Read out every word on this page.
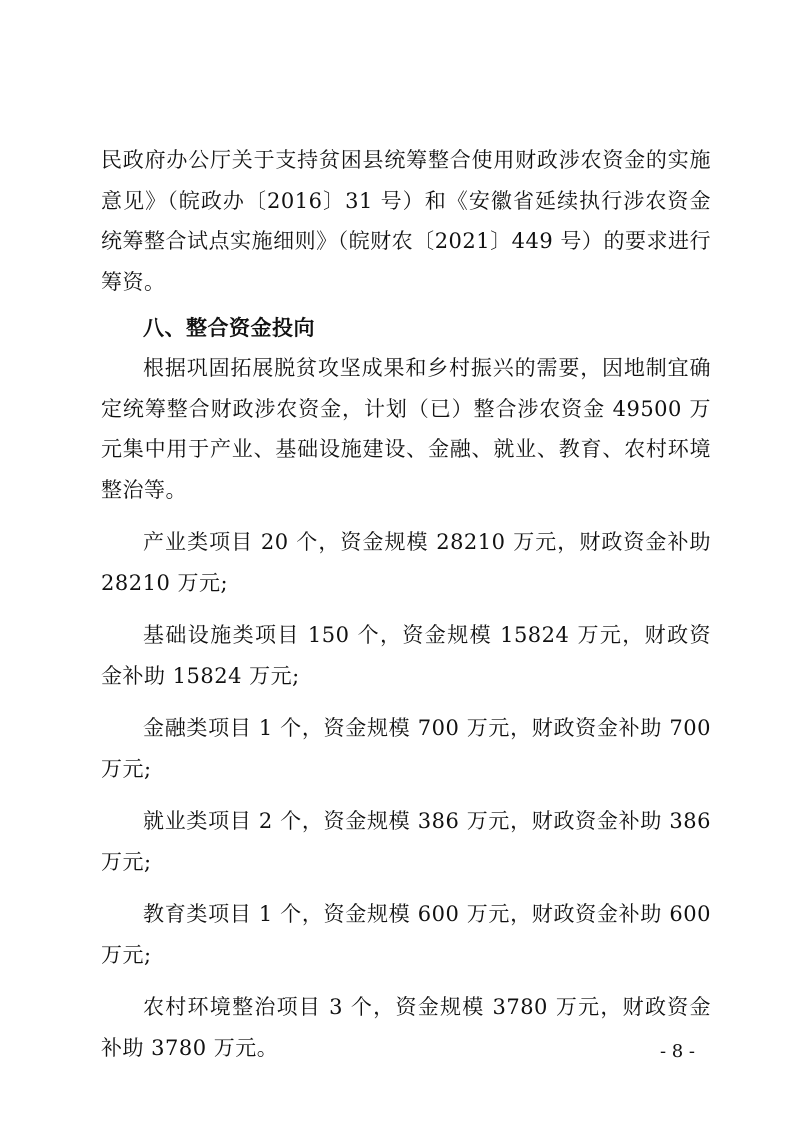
民政府办公厅关于支持贫困县统筹整合使用财政涉农资金的实施意见》（皖政办〔2016〕31 号）和《安徽省延续执行涉农资金统筹整合试点实施细则》（皖财农〔2021〕449 号）的要求进行筹资。

八、整合资金投向

根据巩固拓展脱贫攻坚成果和乡村振兴的需要，因地制宜确定统筹整合财政涉农资金，计划（已）整合涉农资金 49500 万元集中用于产业、基础设施建设、金融、就业、教育、农村环境整治等。

产业类项目 20 个，资金规模 28210 万元，财政资金补助 28210 万元;

基础设施类项目 150 个，资金规模 15824 万元，财政资金补助 15824 万元;

金融类项目 1 个，资金规模 700 万元，财政资金补助 700 万元;

就业类项目 2 个，资金规模 386 万元，财政资金补助 386 万元;

教育类项目 1 个，资金规模 600 万元，财政资金补助 600 万元;

农村环境整治项目 3 个，资金规模 3780 万元，财政资金补助 3780 万元。	- 8 -
